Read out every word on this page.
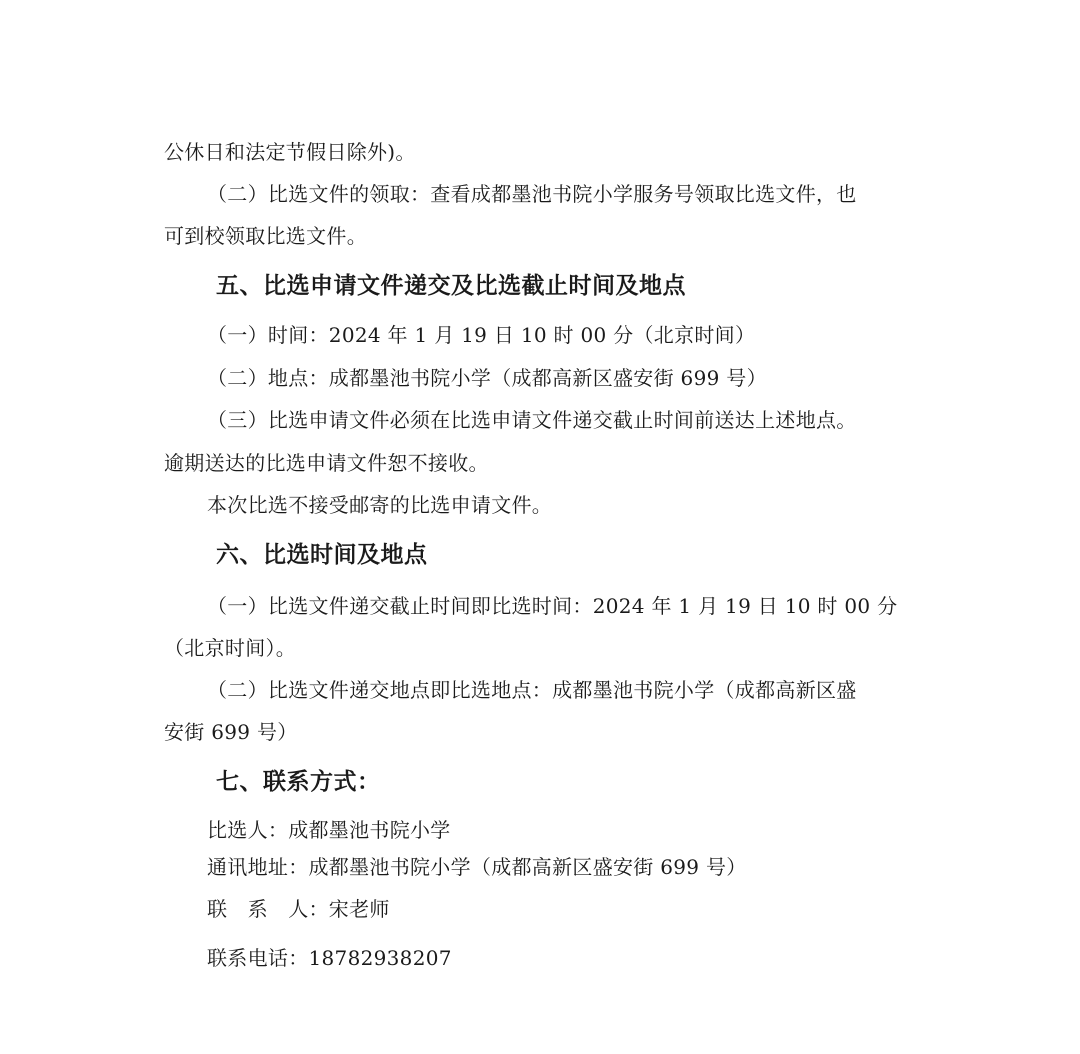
公休日和法定节假日除外)。
（二）比选文件的领取：查看成都墨池书院小学服务号领取比选文件，也
可到校领取比选文件。
五、比选申请文件递交及比选截止时间及地点
（一）时间：2024 年 1 月 19 日 10 时 00 分（北京时间）
（二）地点：成都墨池书院小学（成都高新区盛安街 699 号）
（三）比选申请文件必须在比选申请文件递交截止时间前送达上述地点。
逾期送达的比选申请文件恕不接收。
本次比选不接受邮寄的比选申请文件。
六、比选时间及地点
（一）比选文件递交截止时间即比选时间：2024 年 1 月 19 日 10 时 00 分
（北京时间）。
（二）比选文件递交地点即比选地点：成都墨池书院小学（成都高新区盛
安街 699 号）
七、联系方式：
比选人：成都墨池书院小学
通讯地址：成都墨池书院小学（成都高新区盛安街 699 号）
联　系　人：宋老师
联系电话：18782938207
